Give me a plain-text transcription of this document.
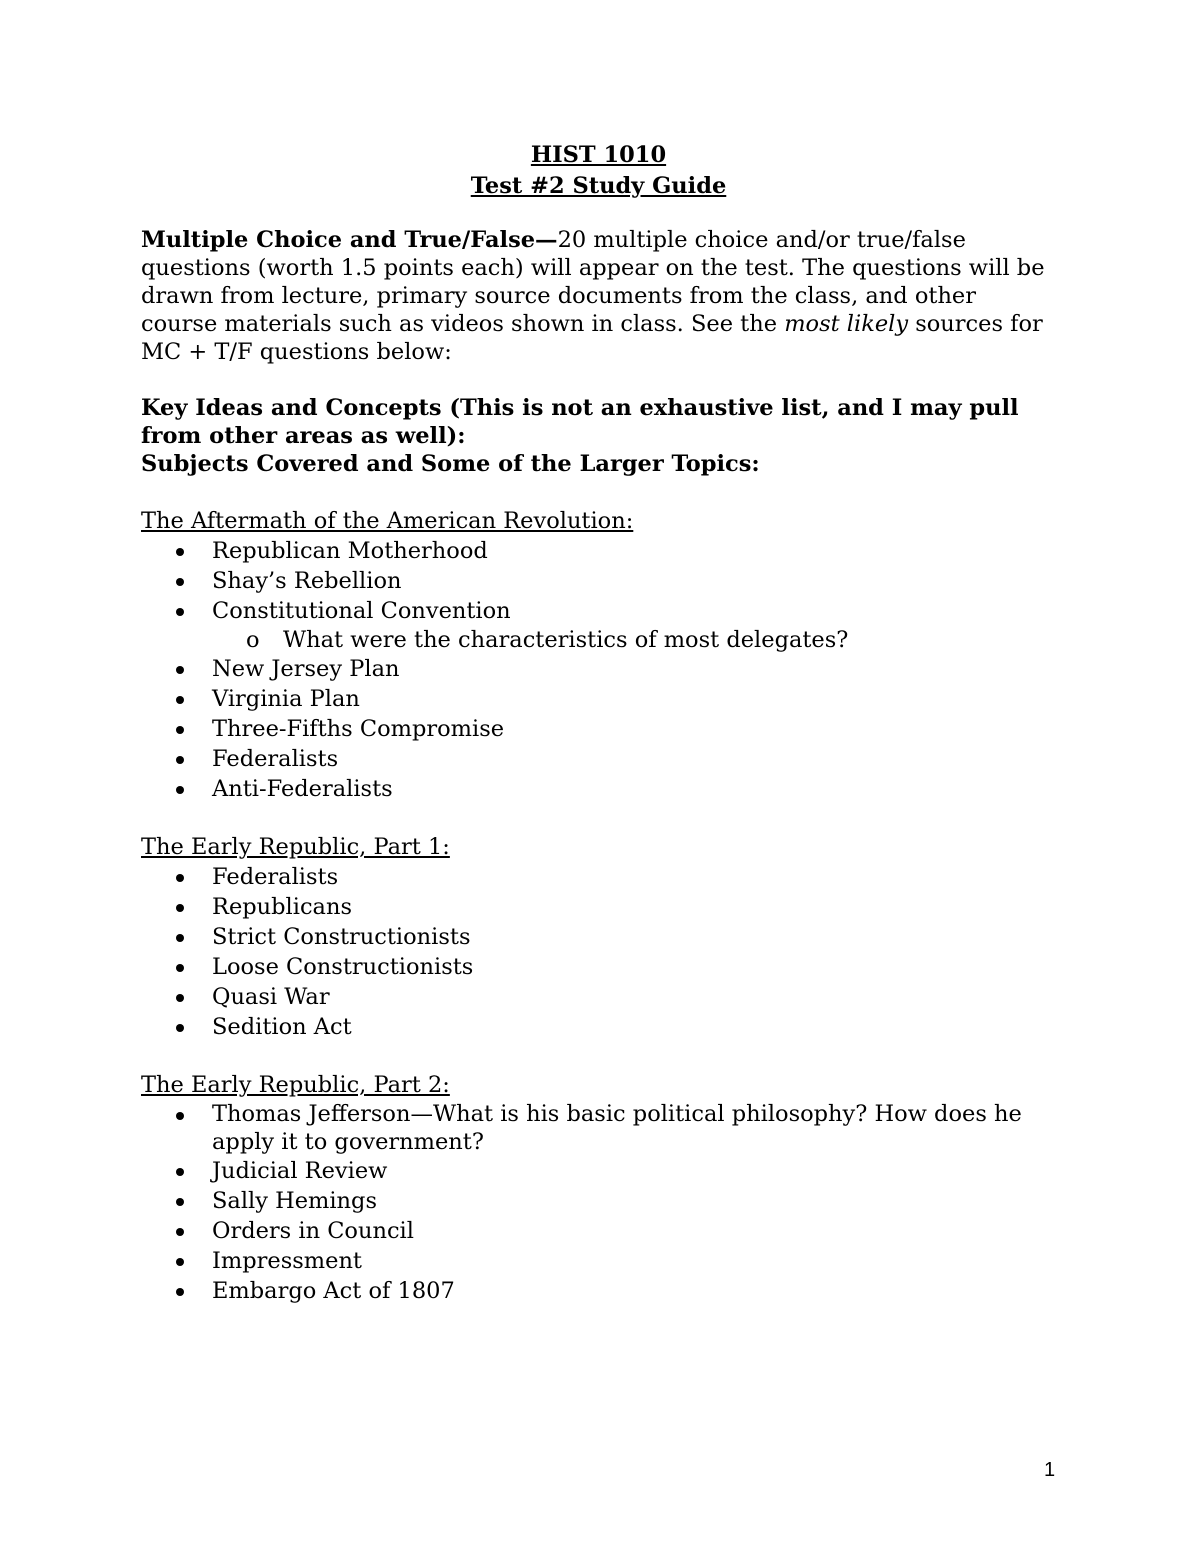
HIST 1010
Test #2 Study Guide

Multiple Choice and True/False—20 multiple choice and/or true/false questions (worth 1.5 points each) will appear on the test. The questions will be drawn from lecture, primary source documents from the class, and other course materials such as videos shown in class. See the most likely sources for MC + T/F questions below:

Key Ideas and Concepts (This is not an exhaustive list, and I may pull from other areas as well):
Subjects Covered and Some of the Larger Topics:
The Aftermath of the American Revolution:
Republican Motherhood
Shay’s Rebellion
Constitutional Convention
o What were the characteristics of most delegates?
New Jersey Plan
Virginia Plan
Three-Fifths Compromise
Federalists
Anti-Federalists
The Early Republic, Part 1:
Federalists
Republicans
Strict Constructionists
Loose Constructionists
Quasi War
Sedition Act
The Early Republic, Part 2:
Thomas Jefferson—What is his basic political philosophy? How does he apply it to government?
Judicial Review
Sally Hemings
Orders in Council
Impressment
Embargo Act of 1807
1
